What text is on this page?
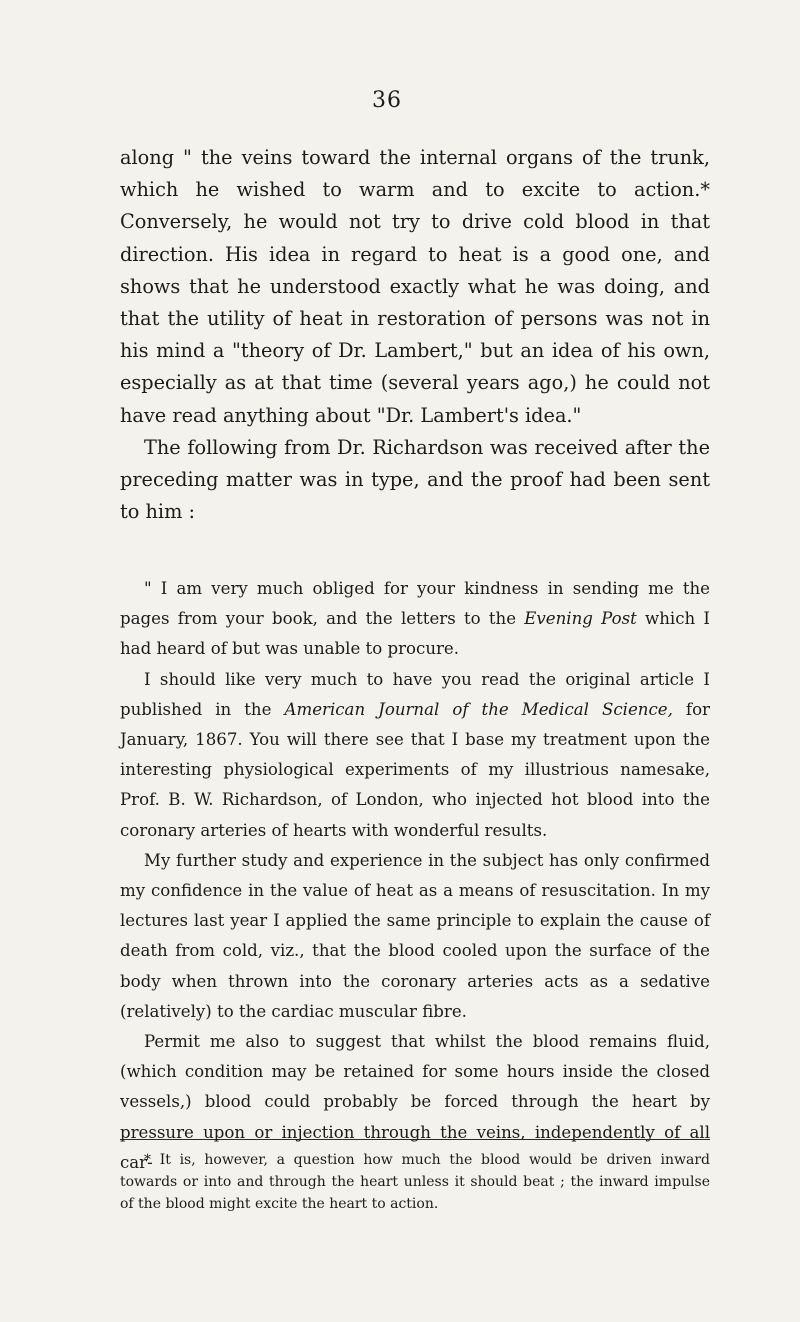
36

along " the veins toward the internal organs of the trunk, which he wished to warm and to excite to action.* Conversely, he would not try to drive cold blood in that direction. His idea in regard to heat is a good one, and shows that he understood exactly what he was doing, and that the utility of heat in restoration of persons was not in his mind a "theory of Dr. Lambert," but an idea of his own, especially as at that time (several years ago,) he could not have read anything about "Dr. Lambert's idea."

The following from Dr. Richardson was received after the preceding matter was in type, and the proof had been sent to him :

" I am very much obliged for your kindness in sending me the pages from your book, and the letters to the Evening Post which I had heard of but was unable to procure.

I should like very much to have you read the original article I published in the American Journal of the Medical Science, for January, 1867. You will there see that I base my treatment upon the interesting physiological experiments of my illustrious namesake, Prof. B. W. Richardson, of London, who injected hot blood into the coronary arteries of hearts with wonderful results.

My further study and experience in the subject has only confirmed my confidence in the value of heat as a means of resuscitation. In my lectures last year I applied the same principle to explain the cause of death from cold, viz., that the blood cooled upon the surface of the body when thrown into the coronary arteries acts as a sedative (relatively) to the cardiac muscular fibre.

Permit me also to suggest that whilst the blood remains fluid, (which condition may be retained for some hours inside the closed vessels,) blood could probably be forced through the heart by pressure upon or injection through the veins, independently of all car-

* It is, however, a question how much the blood would be driven inward towards or into and through the heart unless it should beat ; the inward impulse of the blood might excite the heart to action.
